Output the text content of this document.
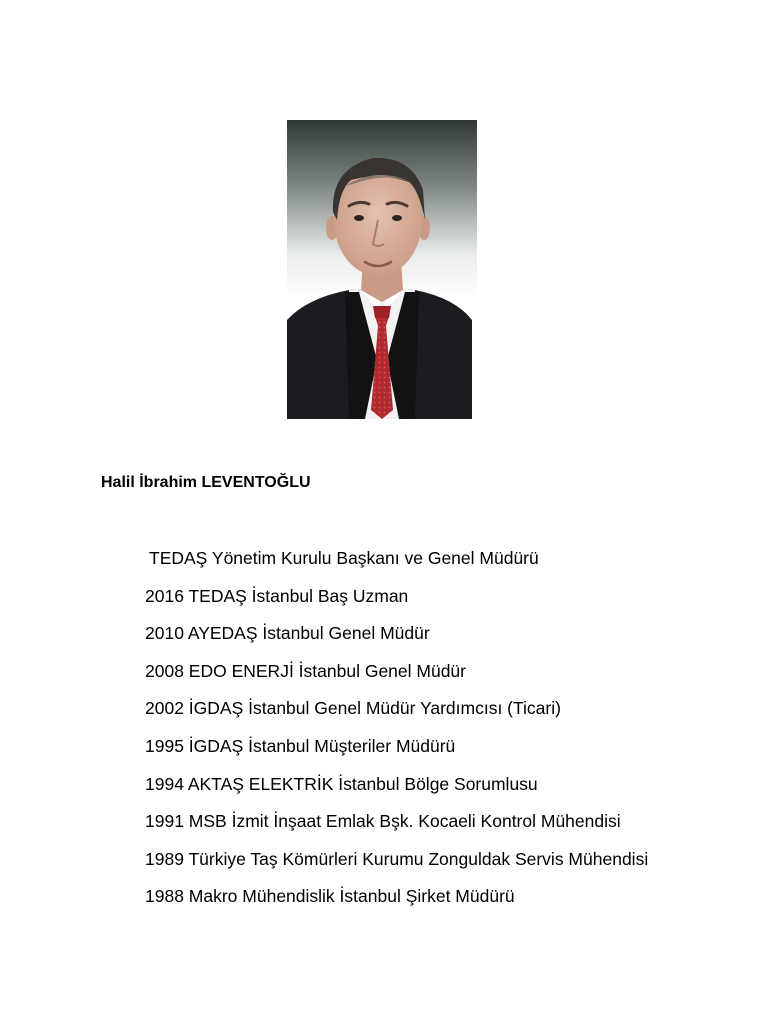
Halil İbrahim LEVENTOĞLU
TEDAŞ Yönetim Kurulu Başkanı ve Genel Müdürü
2016 TEDAŞ İstanbul Baş Uzman
2010 AYEDAŞ İstanbul Genel Müdür
2008 EDO ENERJİ İstanbul Genel Müdür
2002 İGDAŞ İstanbul Genel Müdür Yardımcısı (Ticari)
1995 İGDAŞ İstanbul Müşteriler Müdürü
1994 AKTAŞ ELEKTRİK İstanbul Bölge Sorumlusu
1991 MSB İzmit İnşaat Emlak Bşk. Kocaeli Kontrol Mühendisi
1989 Türkiye Taş Kömürleri Kurumu Zonguldak Servis Mühendisi
1988 Makro Mühendislik İstanbul Şirket Müdürü
